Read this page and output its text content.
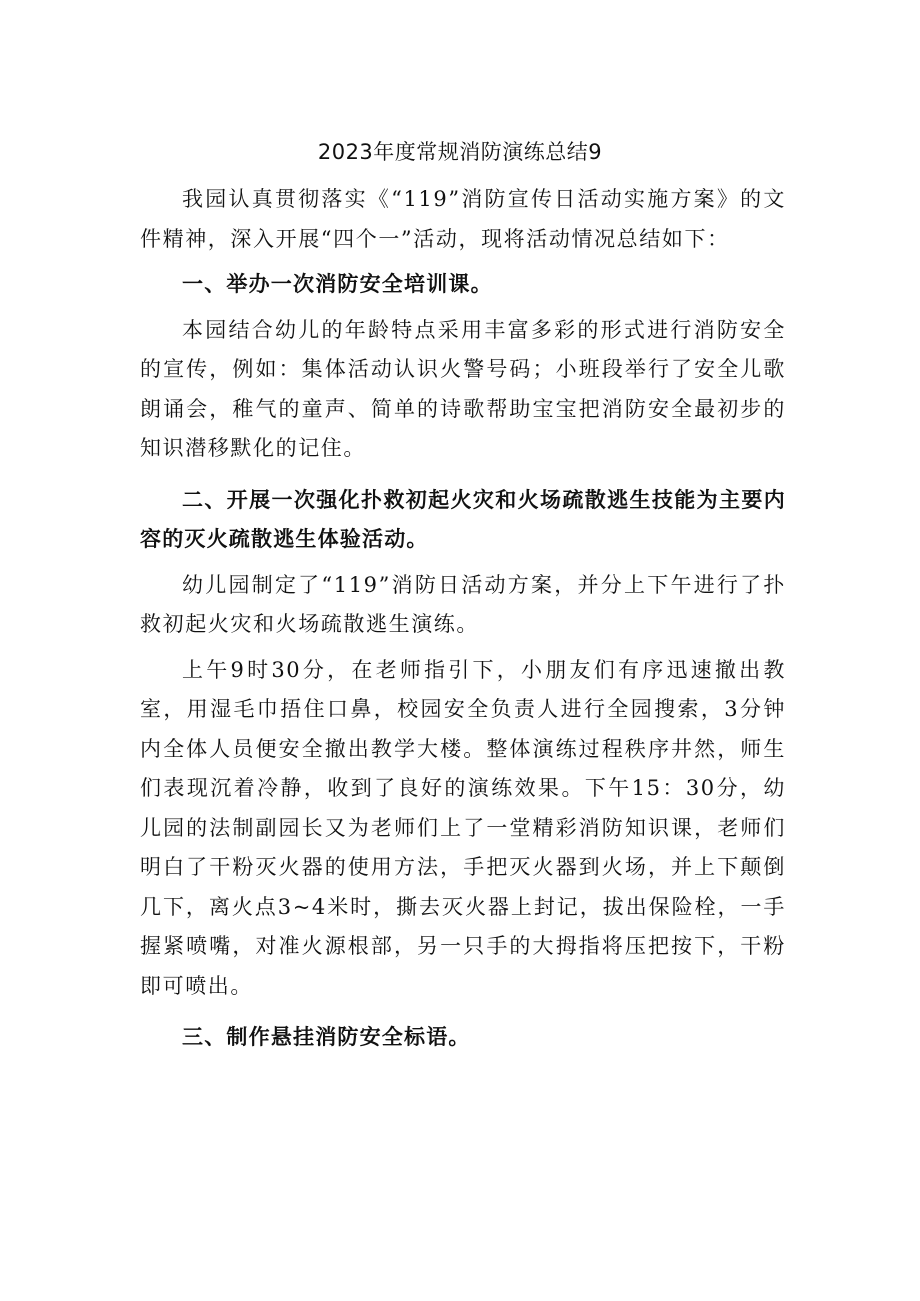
2023年度常规消防演练总结9

我园认真贯彻落实《“119”消防宣传日活动实施方案》的文件精神，深入开展“四个一”活动，现将活动情况总结如下：

一、举办一次消防安全培训课。

本园结合幼儿的年龄特点采用丰富多彩的形式进行消防安全的宣传，例如：集体活动认识火警号码；小班段举行了安全儿歌朗诵会，稚气的童声、简单的诗歌帮助宝宝把消防安全最初步的知识潜移默化的记住。

二、开展一次强化扑救初起火灾和火场疏散逃生技能为主要内容的灭火疏散逃生体验活动。

幼儿园制定了“119”消防日活动方案，并分上下午进行了扑救初起火灾和火场疏散逃生演练。

上午9时30分，在老师指引下，小朋友们有序迅速撤出教室，用湿毛巾捂住口鼻，校园安全负责人进行全园搜索，3分钟内全体人员便安全撤出教学大楼。整体演练过程秩序井然，师生们表现沉着冷静，收到了良好的演练效果。下午15：30分，幼儿园的法制副园长又为老师们上了一堂精彩消防知识课，老师们明白了干粉灭火器的使用方法，手把灭火器到火场，并上下颠倒几下，离火点3~4米时，撕去灭火器上封记，拔出保险栓，一手握紧喷嘴，对准火源根部，另一只手的大拇指将压把按下，干粉即可喷出。

三、制作悬挂消防安全标语。
